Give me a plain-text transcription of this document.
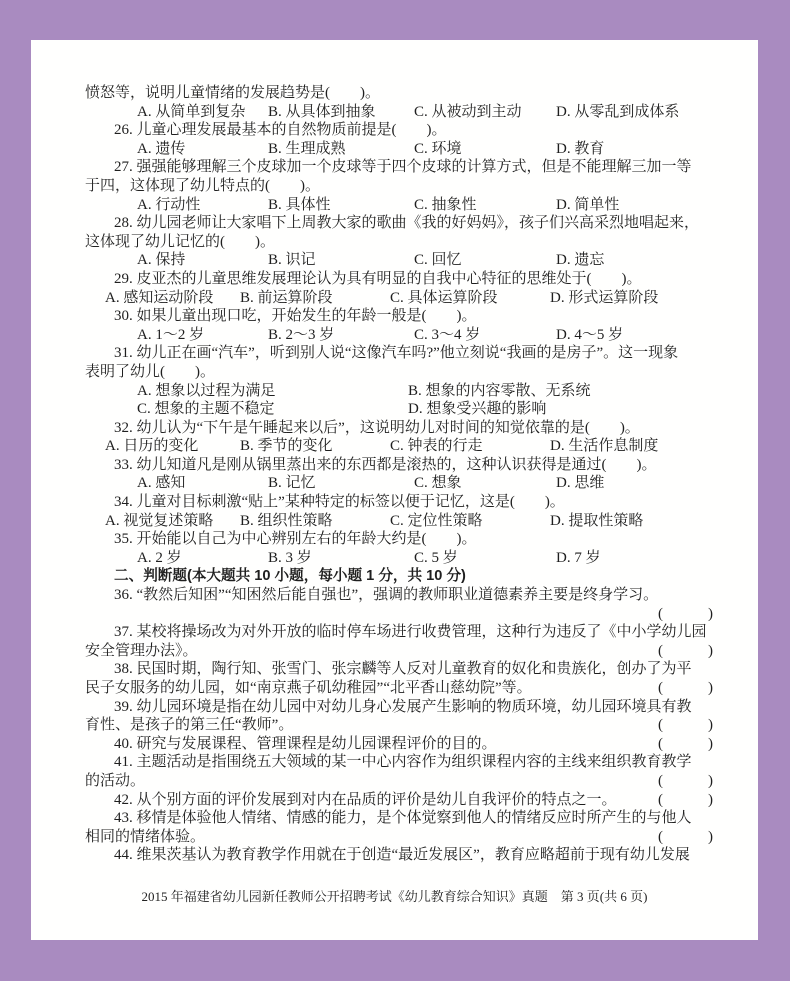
愤怒等，说明儿童情绪的发展趋势是(　　)。
A. 从简单到复杂	B. 从具体到抽象	C. 从被动到主动	D. 从零乱到成体系
26. 儿童心理发展最基本的自然物质前提是(　　)。
A. 遗传	B. 生理成熟	C. 环境	D. 教育
27. 强强能够理解三个皮球加一个皮球等于四个皮球的计算方式，但是不能理解三加一等
于四，这体现了幼儿特点的(　　)。
A. 行动性	B. 具体性	C. 抽象性	D. 简单性
28. 幼儿园老师让大家唱下上周教大家的歌曲《我的好妈妈》，孩子们兴高采烈地唱起来，
这体现了幼儿记忆的(　　)。
A. 保持	B. 识记	C. 回忆	D. 遗忘
29. 皮亚杰的儿童思维发展理论认为具有明显的自我中心特征的思维处于(　　)。
A. 感知运动阶段	B. 前运算阶段	C. 具体运算阶段	D. 形式运算阶段
30. 如果儿童出现口吃，开始发生的年龄一般是(　　)。
A. 1～2 岁	B. 2～3 岁	C. 3～4 岁	D. 4～5 岁
31. 幼儿正在画“汽车”，听到别人说“这像汽车吗?”他立刻说“我画的是房子”。这一现象
表明了幼儿(　　)。
A. 想象以过程为满足	B. 想象的内容零散、无系统
C. 想象的主题不稳定	D. 想象受兴趣的影响
32. 幼儿认为“下午是午睡起来以后”，这说明幼儿对时间的知觉依靠的是(　　)。
A. 日历的变化	B. 季节的变化	C. 钟表的行走	D. 生活作息制度
33. 幼儿知道凡是刚从锅里蒸出来的东西都是滚热的，这种认识获得是通过(　　)。
A. 感知	B. 记忆	C. 想象	D. 思维
34. 儿童对目标刺激“贴上”某种特定的标签以便于记忆，这是(　　)。
A. 视觉复述策略	B. 组织性策略	C. 定位性策略	D. 提取性策略
35. 开始能以自己为中心辨别左右的年龄大约是(　　)。
A. 2 岁	B. 3 岁	C. 5 岁	D. 7 岁
二、判断题(本大题共 10 小题，每小题 1 分，共 10 分)
36. “教然后知困”“知困然后能自强也”，强调的教师职业道德素养主要是终身学习。
(　　　)
37. 某校将操场改为对外开放的临时停车场进行收费管理，这种行为违反了《中小学幼儿园
安全管理办法》。	(　　　)
38. 民国时期，陶行知、张雪门、张宗麟等人反对儿童教育的奴化和贵族化，创办了为平
民子女服务的幼儿园，如“南京燕子矶幼稚园”“北平香山慈幼院”等。	(　　　)
39. 幼儿园环境是指在幼儿园中对幼儿身心发展产生影响的物质环境，幼儿园环境具有教
育性、是孩子的第三任“教师”。	(　　　)
40. 研究与发展课程、管理课程是幼儿园课程评价的目的。	(　　　)
41. 主题活动是指围绕五大领域的某一中心内容作为组织课程内容的主线来组织教育教学
的活动。	(　　　)
42. 从个别方面的评价发展到对内在品质的评价是幼儿自我评价的特点之一。	(　　　)
43. 移情是体验他人情绪、情感的能力，是个体觉察到他人的情绪反应时所产生的与他人
相同的情绪体验。	(　　　)
44. 维果茨基认为教育教学作用就在于创造“最近发展区”，教育应略超前于现有幼儿发展
2015 年福建省幼儿园新任教师公开招聘考试《幼儿教育综合知识》真题　第 3 页(共 6 页)
